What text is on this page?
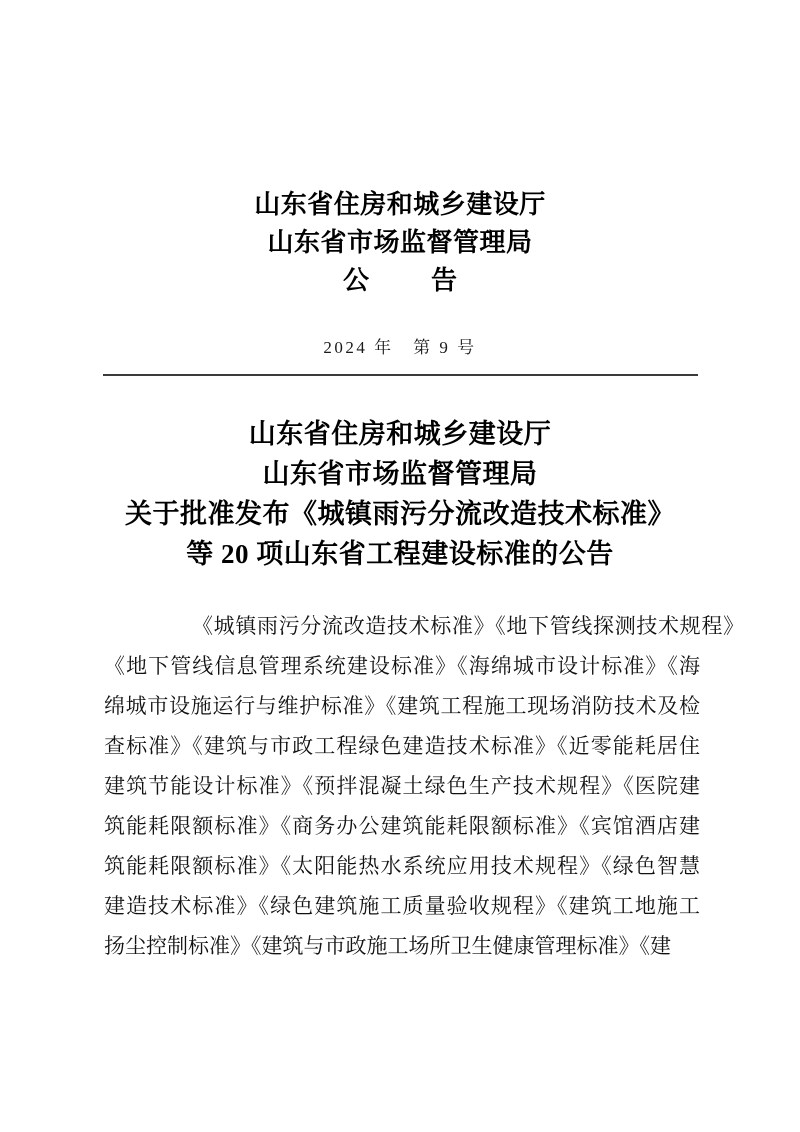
山东省住房和城乡建设厅
山东省市场监督管理局
公　告
2024 年　第 9 号
山东省住房和城乡建设厅
山东省市场监督管理局
关于批准发布《城镇雨污分流改造技术标准》
等 20 项山东省工程建设标准的公告
《城镇雨污分流改造技术标准》《地下管线探测技术规程》
《地下管线信息管理系统建设标准》《海绵城市设计标准》《海
绵城市设施运行与维护标准》《建筑工程施工现场消防技术及检
查标准》《建筑与市政工程绿色建造技术标准》《近零能耗居住
建筑节能设计标准》《预拌混凝土绿色生产技术规程》《医院建
筑能耗限额标准》《商务办公建筑能耗限额标准》《宾馆酒店建
筑能耗限额标准》《太阳能热水系统应用技术规程》《绿色智慧
建造技术标准》《绿色建筑施工质量验收规程》《建筑工地施工
扬尘控制标准》《建筑与市政施工场所卫生健康管理标准》《建
